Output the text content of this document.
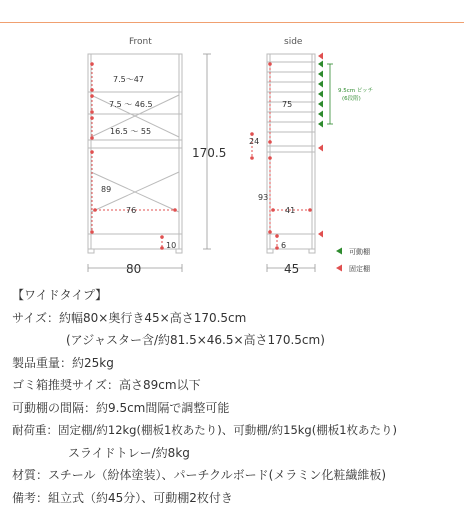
Front
7.5～47
7.5 ～ 46.5
16.5 ～ 55
89
76
10
170.5
80
side
9.5cm ピッチ
(6段階)
75
24
93
41
6
45
可動棚
固定棚
【ワイドタイプ】
サイズ：約幅80×奥行き45×高さ170.5cm
(アジャスター含/約81.5×46.5×高さ170.5cm)
製品重量：約25kg
ゴミ箱推奨サイズ：高さ89cm以下
可動棚の間隔：約9.5cm間隔で調整可能
耐荷重：固定棚/約12kg(棚板1枚あたり)、可動棚/約15kg(棚板1枚あたり)
スライドトレー/約8kg
材質：スチール（紛体塗装）、パーチクルボード(メラミン化粧繊維板)
備考：組立式（約45分）、可動棚2枚付き
